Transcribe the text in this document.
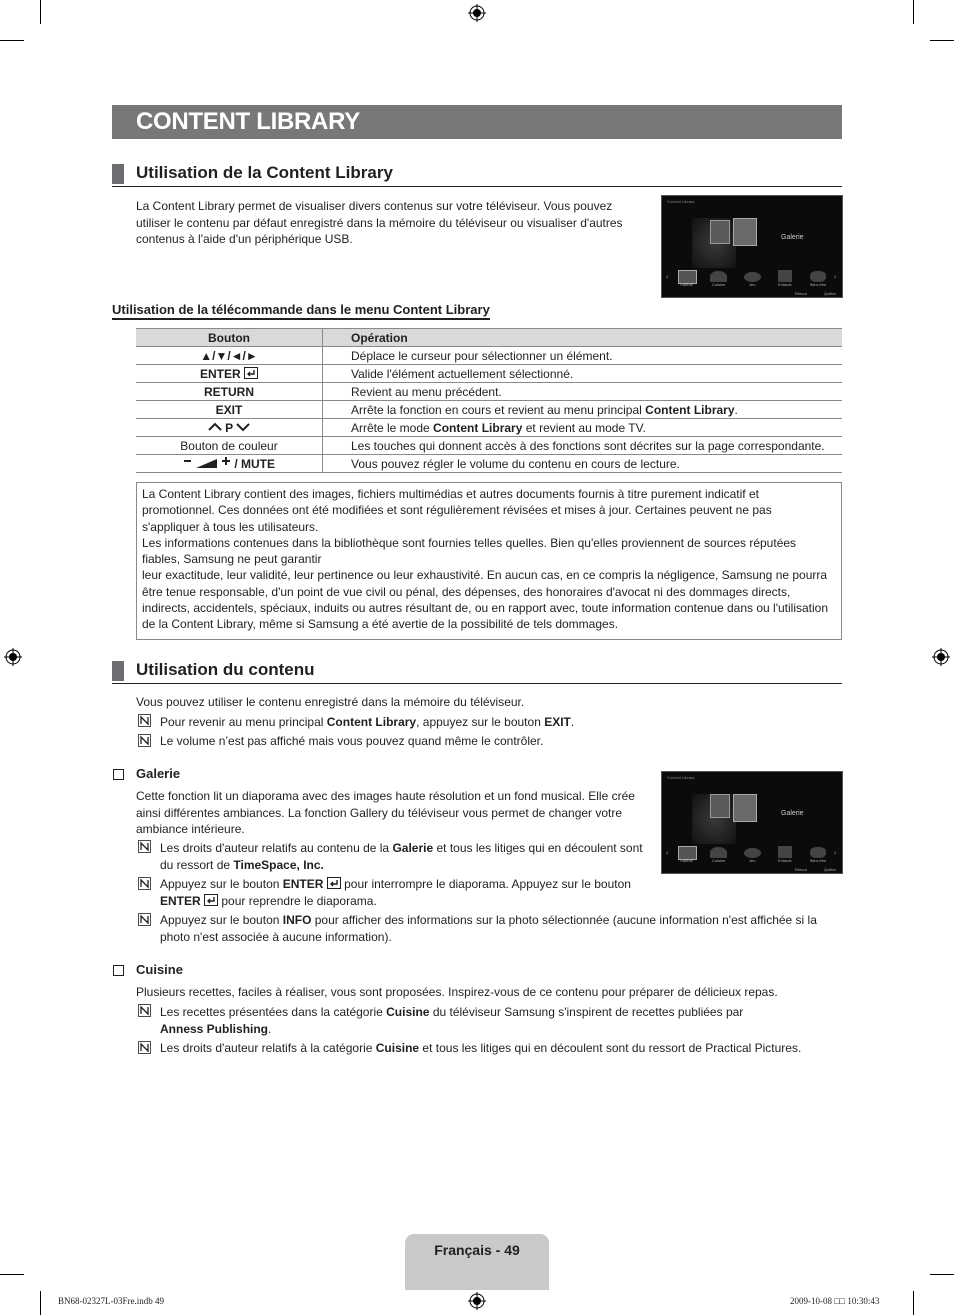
CONTENT LIBRARY
Utilisation de la Content Library
La Content Library permet de visualiser divers contenus sur votre téléviseur. Vous pouvez utiliser le contenu par défaut enregistré dans la mémoire du téléviseur ou visualiser d'autres contenus à l'aide d'un périphérique USB.
Content Library
Galerie
‹	›
Galerie	Cuisine	Jeu	Enfants	Bien-être
Retour	Quitter
Utilisation de la télécommande dans le menu Content Library
Bouton	Opération
▲/▼/◄/►	Déplace le curseur pour sélectionner un élément.
ENTER	Valide l'élément actuellement sélectionné.
RETURN	Revient au menu précédent.
EXIT	Arrête la fonction en cours et revient au menu principal Content Library.
P	Arrête le mode Content Library et revient au mode TV.
Bouton de couleur	Les touches qui donnent accès à des fonctions sont décrites sur la page correspondante.
/ MUTE	Vous pouvez régler le volume du contenu en cours de lecture.

La Content Library contient des images, fichiers multimédias et autres documents fournis à titre purement indicatif et promotionnel. Ces données ont été modifiées et sont régulièrement révisées et mises à jour. Certaines peuvent ne pas s'appliquer à tous les utilisateurs.
Les informations contenues dans la bibliothèque sont fournies telles quelles. Bien qu'elles proviennent de sources réputées fiables, Samsung ne peut garantir
leur exactitude, leur validité, leur pertinence ou leur exhaustivité. En aucun cas, en ce compris la négligence, Samsung ne pourra être tenue responsable, d'un point de vue civil ou pénal, des dépenses, des honoraires d'avocat ni des dommages directs, indirects, accidentels, spéciaux, induits ou autres résultant de, ou en rapport avec, toute information contenue dans ou l'utilisation de la Content Library, même si Samsung a été avertie de la possibilité de tels dommages.

Utilisation du contenu
Vous pouvez utiliser le contenu enregistré dans la mémoire du téléviseur.
Pour revenir au menu principal Content Library, appuyez sur le bouton EXIT.
Le volume n’est pas affiché mais vous pouvez quand même le contrôler.
Galerie
Cette fonction lit un diaporama avec des images haute résolution et un fond musical. Elle crée ainsi différentes ambiances. La fonction Gallery du téléviseur vous permet de changer votre ambiance intérieure.
Les droits d'auteur relatifs au contenu de la Galerie et tous les litiges qui en découlent sont du ressort de TimeSpace, Inc.
Appuyez sur le bouton ENTER  pour interrompre le diaporama. Appuyez sur le bouton
ENTER  pour reprendre le diaporama.
Appuyez sur le bouton INFO pour afficher des informations sur la photo sélectionnée (aucune information n'est affichée si la photo n'est associée à aucune information).
Content Library
Galerie
‹	›
Galerie	Cuisine	Jeu	Enfants	Bien-être
Retour	Quitter
Cuisine
Plusieurs recettes, faciles à réaliser, vous sont proposées. Inspirez-vous de ce contenu pour préparer de délicieux repas.
Les recettes présentées dans la catégorie Cuisine du téléviseur Samsung s'inspirent de recettes publiées par
Anness Publishing.
Les droits d'auteur relatifs à la catégorie Cuisine et tous les litiges qui en découlent sont du ressort de Practical Pictures.
Français - 49
BN68-02327L-03Fre.indb 49	2009-10-08 □□ 10:30:43
